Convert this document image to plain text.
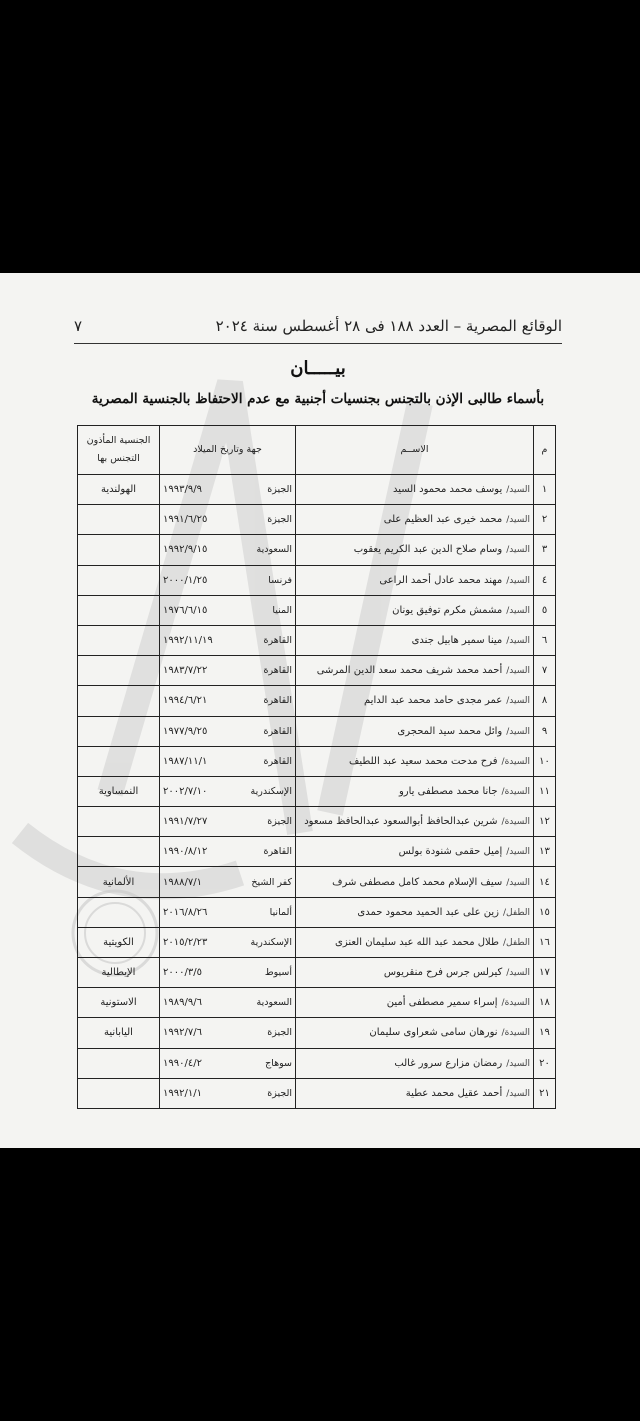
الوقائع المصرية – العدد ١٨٨ فى ٢٨ أغسطس سنة ٢٠٢٤
٧
بيـــــان
بأسماء طالبى الإذن بالتجنس بجنسيات أجنبية مع عدم الاحتفاظ بالجنسية المصرية
م	الاســم	جهة وتاريخ الميلاد	الجنسية المأذون
التجنس بها

١	السيد/يوسف محمد محمود السيد	الجيزة
١٩٩٣/٩/٩	الهولندية
٢	السيد/محمد خيرى عبد العظيم على	الجيزة
١٩٩١/٦/٢٥	

٣	السيد/وسام صلاح الدين عبد الكريم يعقوب	السعودية
١٩٩٢/٩/١٥	

٤	السيد/مهند محمد عادل أحمد الراعى	فرنسا
٢٠٠٠/١/٢٥	

٥	السيد/مشمش مكرم توفيق يونان	المنيا
١٩٧٦/٦/١٥	

٦	السيد/مينا سمير هابيل جندى	القاهرة
١٩٩٢/١١/١٩	

٧	السيد/أحمد محمد شريف محمد سعد الدين المرشى	القاهرة
١٩٨٣/٧/٢٢	

٨	السيد/عمر مجدى حامد محمد عبد الدايم	القاهرة
١٩٩٤/٦/٢١	

٩	السيد/وائل محمد سيد المحجرى	القاهرة
١٩٧٧/٩/٢٥	

١٠	السيدة/فرح مدحت محمد سعيد عبد اللطيف	القاهرة
١٩٨٧/١١/١	

١١	السيدة/جانا محمد مصطفى يارو	الإسكندرية
٢٠٠٢/٧/١٠	النمساوية
١٢	السيدة/شرين عبدالحافظ أبوالسعود عبدالحافظ مسعود	الجيزة
١٩٩١/٧/٢٧	

١٣	السيد/إميل حقمى شنودة بولس	القاهرة
١٩٩٠/٨/١٢	

١٤	السيد/سيف الإسلام محمد كامل مصطفى شرف	كفر الشيخ
١٩٨٨/٧/١	الألمانية
١٥	الطفل/زين على عبد الحميد محمود حمدى	ألمانيا
٢٠١٦/٨/٢٦	

١٦	الطفل/طلال محمد عبد الله عبد سليمان العنزى	الإسكندرية
٢٠١٥/٢/٢٣	الكويتية
١٧	السيد/كيرلس جرس فرح منقريوس	أسيوط
٢٠٠٠/٣/٥	الإيطالية
١٨	السيدة/إسراء سمير مصطفى أمين	السعودية
١٩٨٩/٩/٦	الاستونية
١٩	السيدة/نورهان سامى شعراوى سليمان	الجيزة
١٩٩٢/٧/٦	اليابانية
٢٠	السيد/رمضان مزارع سرور غالب	سوهاج
١٩٩٠/٤/٢	

٢١	السيد/أحمد عقيل محمد عطية	الجيزة
١٩٩٢/١/١	
